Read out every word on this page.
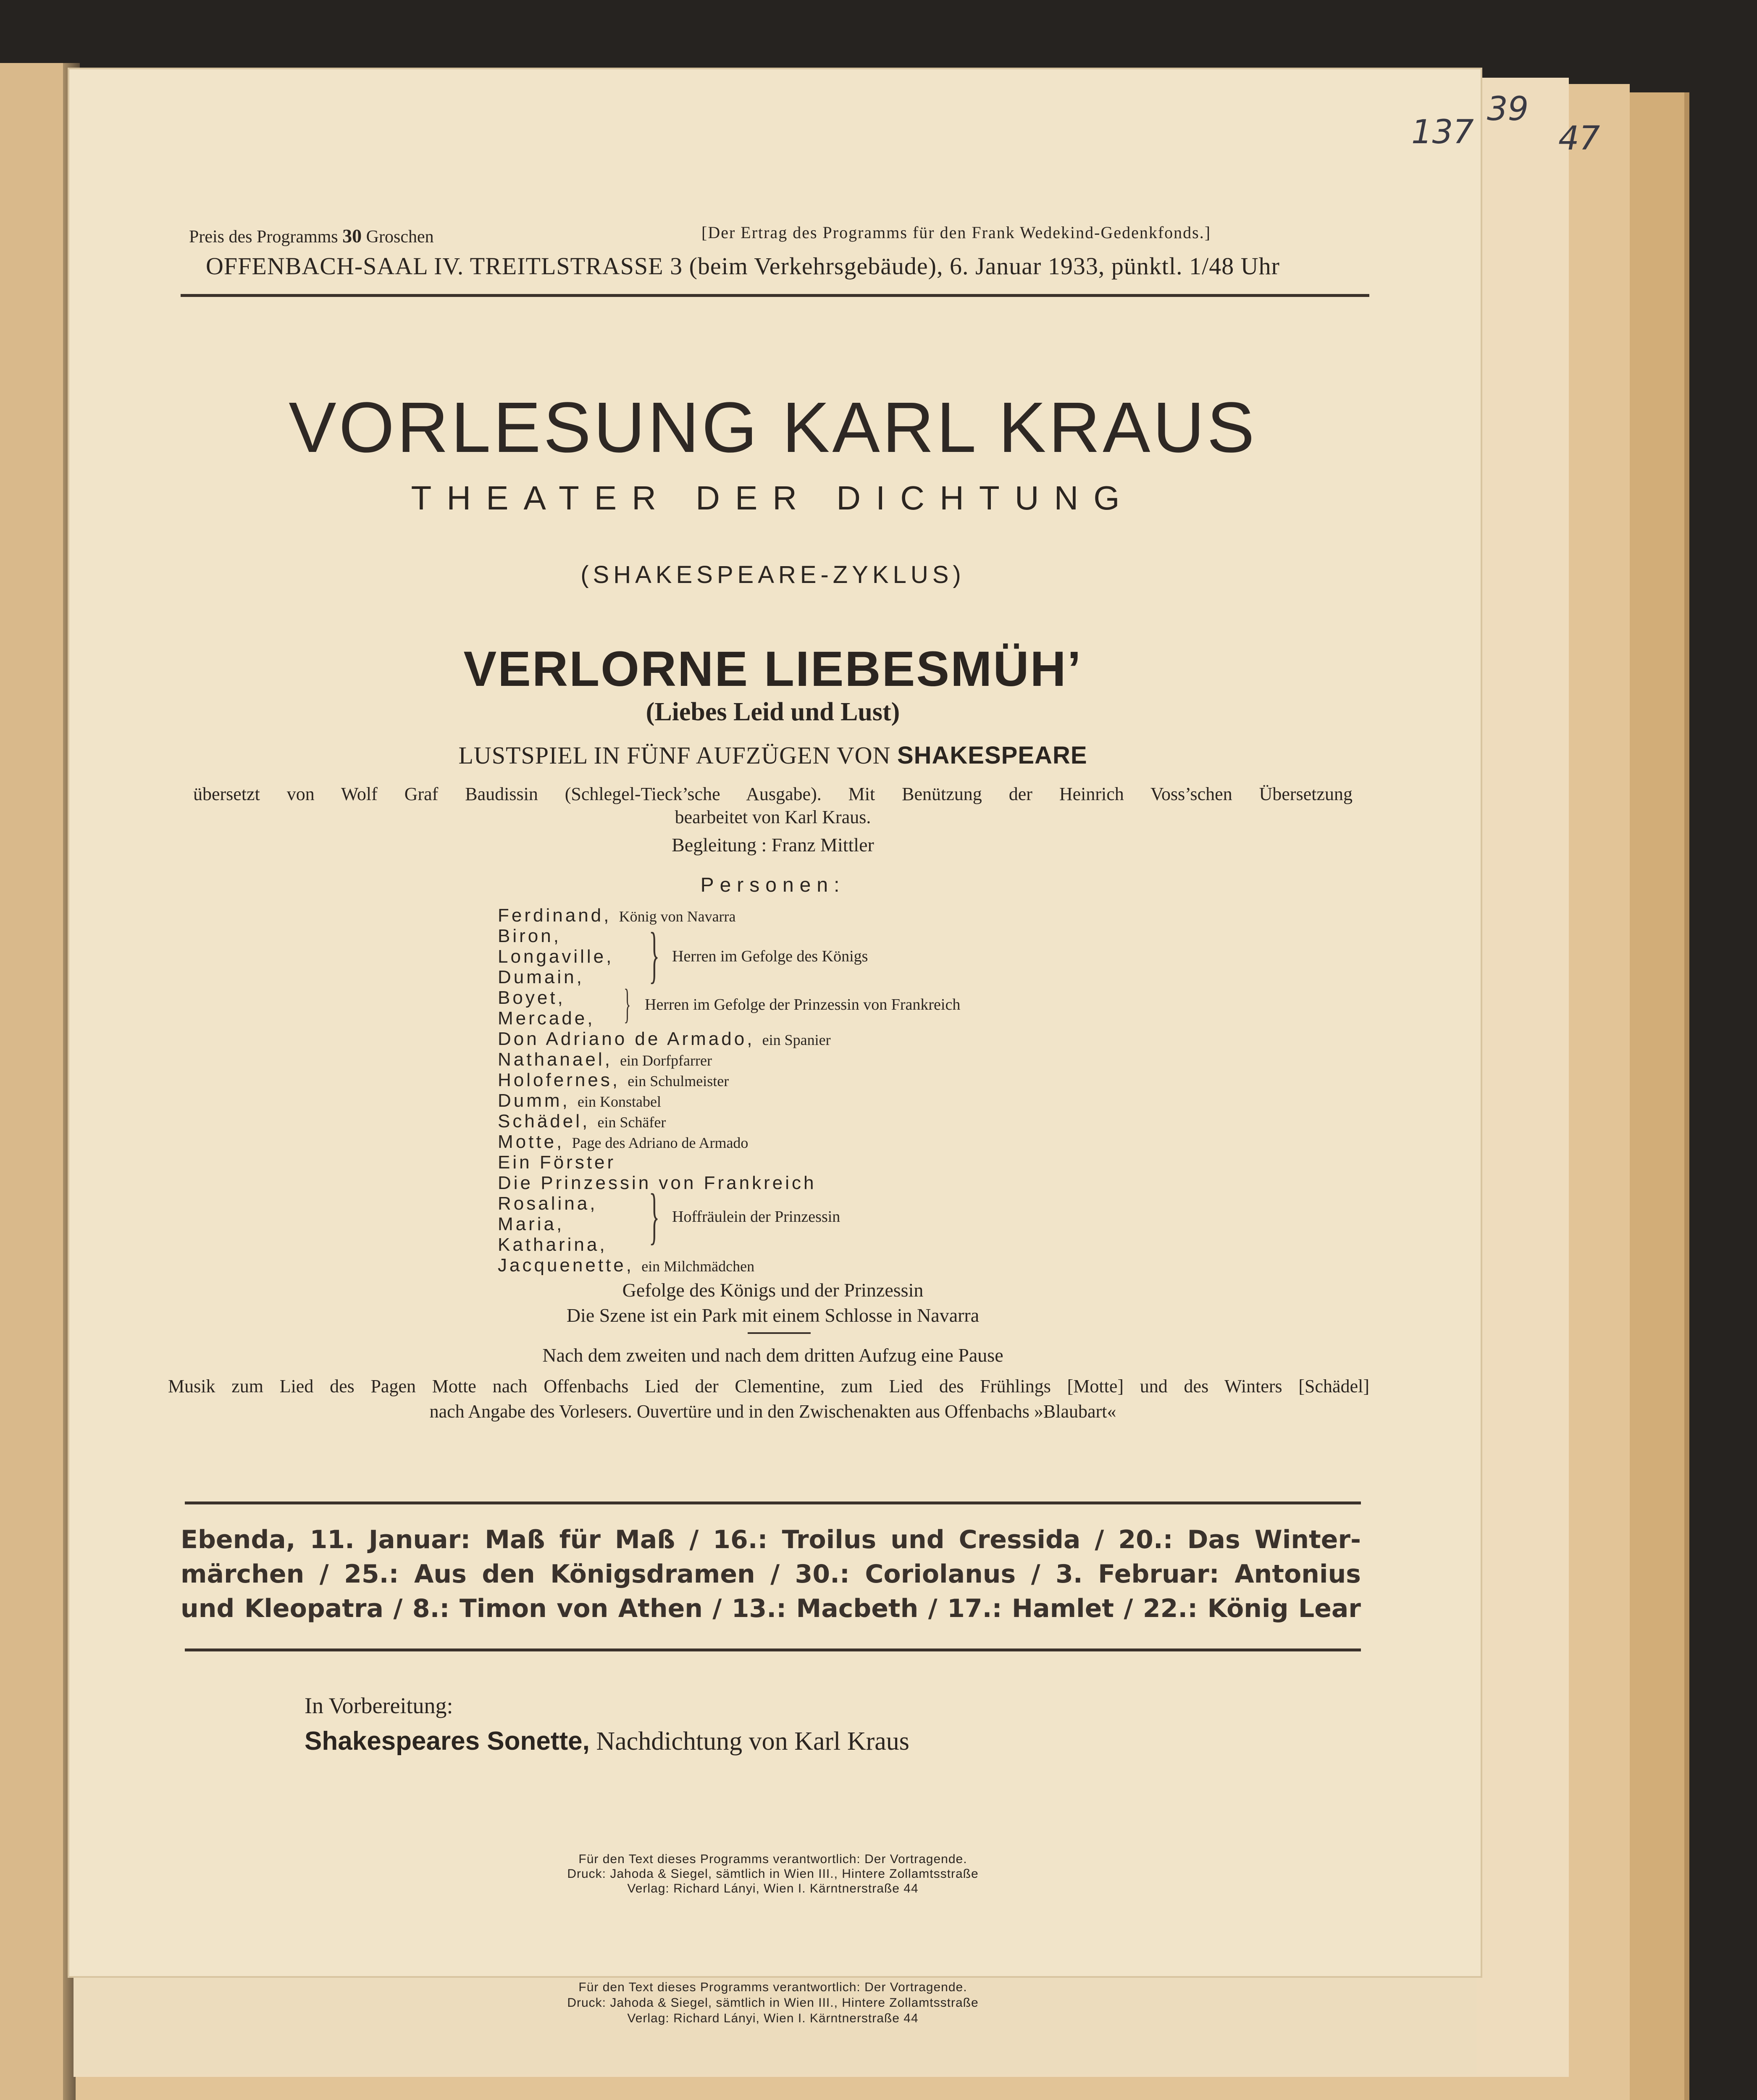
137
39
47
Preis des Programms 30 Groschen	[Der Ertrag des Programms für den Frank Wedekind-Gedenkfonds.]
OFFENBACH-SAAL IV. TREITLSTRASSE 3 (beim Verkehrsgebäude), 6. Januar 1933, pünktl. 1/48 Uhr
VORLESUNG KARL KRAUS
THEATER DER DICHTUNG
(SHAKESPEARE-ZYKLUS)
VERLORNE LIEBESMÜH’
(Liebes Leid und Lust)
LUSTSPIEL IN FÜNF AUFZÜGEN VON SHAKESPEARE
übersetzt von Wolf Graf Baudissin (Schlegel-Tieck’sche Ausgabe). Mit Benützung der Heinrich Voss’schen Übersetzung
bearbeitet von Karl Kraus.
Begleitung : Franz Mittler
Personen:
Ferdinand, König von Navarra
Biron,
Longaville,
Dumain,
Boyet,
Mercade,
Don Adriano de Armado, ein Spanier
Nathanael, ein Dorfpfarrer
Holofernes, ein Schulmeister
Dumm, ein Konstabel
Schädel, ein Schäfer
Motte, Page des Adriano de Armado
Ein Förster
Die Prinzessin von Frankreich
Rosalina,
Maria,
Katharina,
Jacquenette, ein Milchmädchen
} Herren im Gefolge des Königs
} Herren im Gefolge der Prinzessin von Frankreich
} Hoffräulein der Prinzessin
Gefolge des Königs und der Prinzessin
Die Szene ist ein Park mit einem Schlosse in Navarra
Nach dem zweiten und nach dem dritten Aufzug eine Pause
Musik zum Lied des Pagen Motte nach Offenbachs Lied der Clementine, zum Lied des Frühlings [Motte] und des Winters [Schädel]
nach Angabe des Vorlesers. Ouvertüre und in den Zwischenakten aus Offenbachs »Blaubart«
Ebenda, 11. Januar: Maß für Maß / 16.: Troilus und Cressida / 20.: Das Winter-
märchen / 25.: Aus den Königsdramen / 30.: Coriolanus / 3. Februar: Antonius
und Kleopatra / 8.: Timon von Athen / 13.: Macbeth / 17.: Hamlet / 22.: König Lear
In Vorbereitung:
Shakespeares Sonette, Nachdichtung von Karl Kraus
Für den Text dieses Programms verantwortlich: Der Vortragende.
Druck: Jahoda & Siegel, sämtlich in Wien III., Hintere Zollamtsstraße
Verlag: Richard Lányi, Wien I. Kärntnerstraße 44
Für den Text dieses Programms verantwortlich: Der Vortragende.
Druck: Jahoda & Siegel, sämtlich in Wien III., Hintere Zollamtsstraße
Verlag: Richard Lányi, Wien I. Kärntnerstraße 44
